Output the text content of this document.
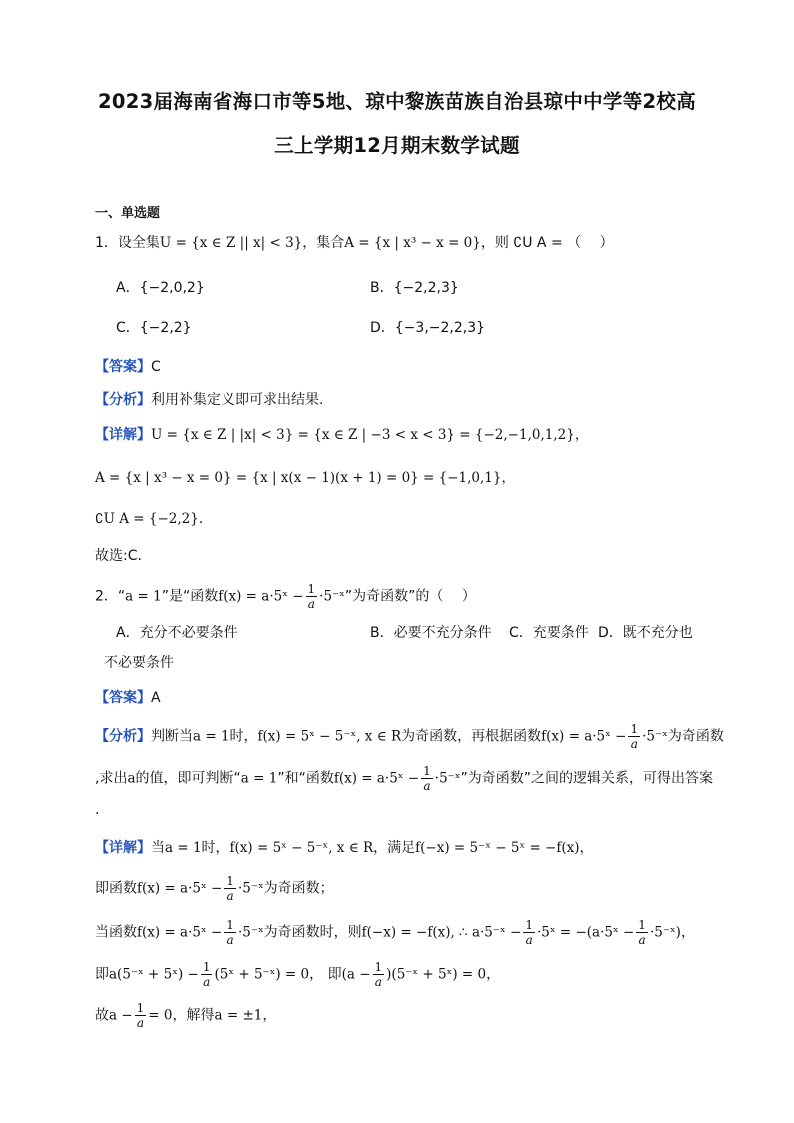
2023届海南省海口市等5地、琼中黎族苗族自治县琼中中学等2校高
三上学期12月期末数学试题
一、单选题
1．设全集U = {x ∈ Z || x| < 3}，集合A = {x | x³ − x = 0}，则 ∁U A = （　 ）
A．{−2,0,2}	B．{−2,2,3}
C．{−2,2}	D．{−3,−2,2,3}
【答案】C
【分析】利用补集定义即可求出结果.
【详解】U = {x ∈ Z | |x| < 3} = {x ∈ Z | −3 < x < 3} = {−2,−1,0,1,2}，
A = {x | x³ − x = 0} = {x | x(x − 1)(x + 1) = 0} = {−1,0,1}，
∁U A = {−2,2}.
故选:C.
2．“a = 1”是“函数f(x) = a·5ˣ − $\frac{1}{a}$ ·5⁻ˣ”为奇函数”的（　 ）
A．充分不必要条件	B．必要不充分条件 C．充要条件 D．既不充分也
不必要条件
【答案】A
【分析】判断当a = 1时，f(x) = 5ˣ − 5⁻ˣ, x ∈ R为奇函数，再根据函数f(x) = a·5ˣ − $\frac{1}{a}$ ·5⁻ˣ为奇函数
,求出a的值，即可判断“a = 1”和“函数f(x) = a·5ˣ − $\frac{1}{a}$ ·5⁻ˣ”为奇函数”之间的逻辑关系，可得出答案
.
【详解】当a = 1时，f(x) = 5ˣ − 5⁻ˣ, x ∈ R，满足f(−x) = 5⁻ˣ − 5ˣ = −f(x)，
即函数f(x) = a·5ˣ − $\frac{1}{a}$ ·5⁻ˣ为奇函数；
当函数f(x) = a·5ˣ − $\frac{1}{a}$ ·5⁻ˣ为奇函数时，则f(−x) = −f(x), ∴ a·5⁻ˣ − $\frac{1}{a}$ ·5ˣ = −(a·5ˣ − $\frac{1}{a}$ ·5⁻ˣ)，
即a(5⁻ˣ + 5ˣ) − $\frac{1}{a}$ (5ˣ + 5⁻ˣ) = 0， 即($a - \frac{1}{a}$ )(5⁻ˣ + 5ˣ) = 0，
故$a - \frac{1}{a} = 0$，解得a = ±1，
